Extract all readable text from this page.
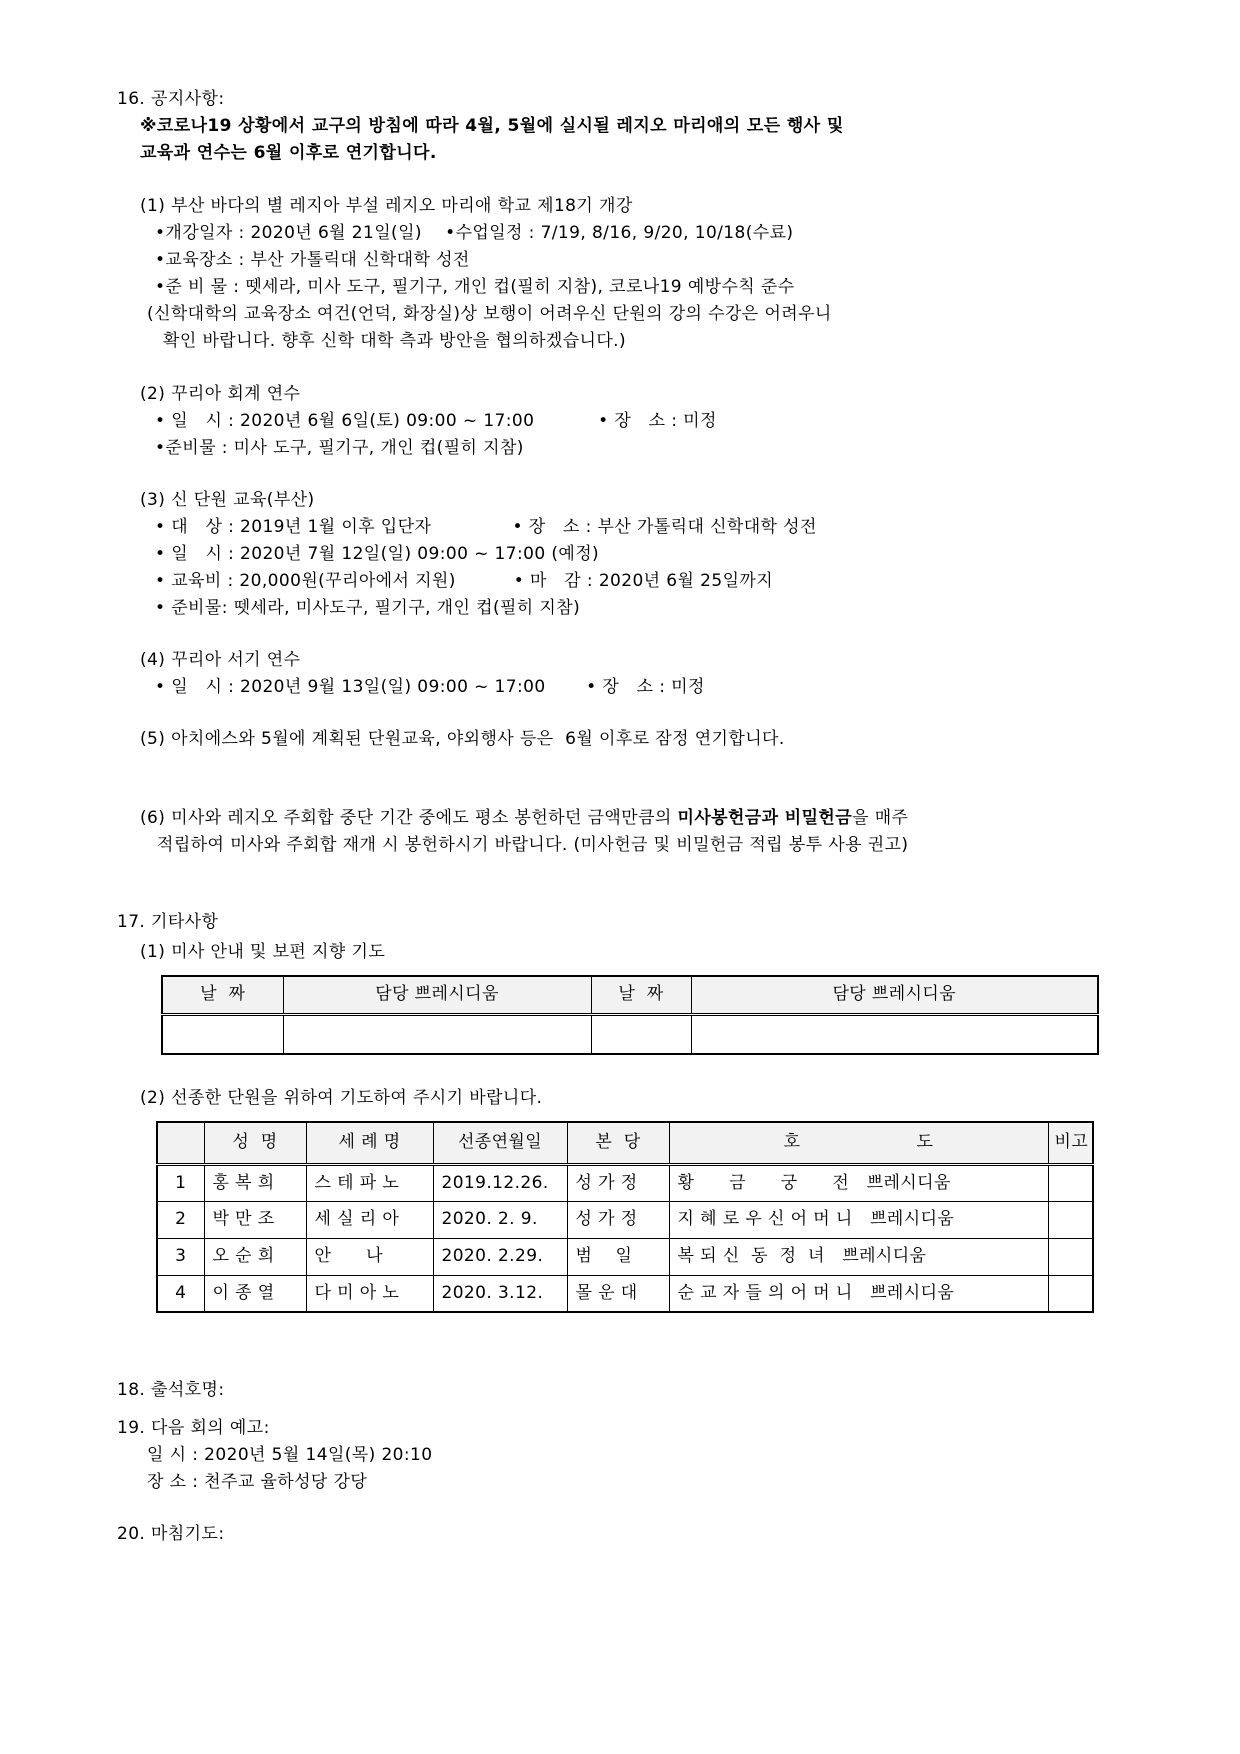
16. 공지사항:
※코로나19 상황에서 교구의 방침에 따라 4월, 5월에 실시될 레지오 마리애의 모든 행사 및
교육과 연수는 6월 이후로 연기합니다.
(1) 부산 바다의 별 레지아 부설 레지오 마리애 학교 제18기 개강
•개강일자 : 2020년 6월 21일(일)    •수업일정 : 7/19, 8/16, 9/20, 10/18(수료)
•교육장소 : 부산 가톨릭대 신학대학 성전
•준 비 물 : 뗏세라, 미사 도구, 필기구, 개인 컵(필히 지참), 코로나19 예방수칙 준수
(신학대학의 교육장소 여건(언덕, 화장실)상 보행이 어려우신 단원의 강의 수강은 어려우니
확인 바랍니다. 향후 신학 대학 측과 방안을 협의하겠습니다.)
(2) 꾸리아 회계 연수
• 일   시 : 2020년 6월 6일(토) 09:00 ~ 17:00           • 장   소 : 미정
•준비물 : 미사 도구, 필기구, 개인 컵(필히 지참)
(3) 신 단원 교육(부산)
• 대   상 : 2019년 1월 이후 입단자              • 장   소 : 부산 가톨릭대 신학대학 성전
• 일   시 : 2020년 7월 12일(일) 09:00 ~ 17:00 (예정)
• 교육비 : 20,000원(꾸리아에서 지원)          • 마   감 : 2020년 6월 25일까지
• 준비물: 뗏세라, 미사도구, 필기구, 개인 컵(필히 지참)
(4) 꾸리아 서기 연수
• 일   시 : 2020년 9월 13일(일) 09:00 ~ 17:00       • 장   소 : 미정
(5) 아치에스와 5월에 계획된 단원교육, 야외행사 등은  6월 이후로 잠정 연기합니다.
(6) 미사와 레지오 주회합 중단 기간 중에도 평소 봉헌하던 금액만큼의 미사봉헌금과 비밀헌금을 매주
적립하여 미사와 주회합 재개 시 봉헌하시기 바랍니다. (미사헌금 및 비밀헌금 적립 봉투 사용 권고)
17. 기타사항
(1) 미사 안내 및 보편 지향 기도
날  짜	담당 쁘레시디움	날  짜	담당 쁘레시디움

(2) 선종한 단원을 위하여 기도하여 주시기 바랍니다.
	성  명	세 례 명	선종연월일	본  당	호                    도	비고
1	홍 복 희	스 테 파 노	2019.12.26.	성 가 정	황      금      궁      전   쁘레시디움	
2	박 만 조	세 실 리 아	2020. 2. 9.	성 가 정	지 혜 로 우 신 어 머 니   쁘레시디움	
3	오 순 희	안      나	2020. 2.29.	범    일	복 되 신  동  정  녀   쁘레시디움	
4	이 종 열	다 미 아 노	2020. 3.12.	몰 운 대	순 교 자 들 의 어 머 니   쁘레시디움	
18. 출석호명:
19. 다음 회의 예고:
일 시 : 2020년 5월 14일(목) 20:10
장 소 : 천주교 율하성당 강당
20. 마침기도:
